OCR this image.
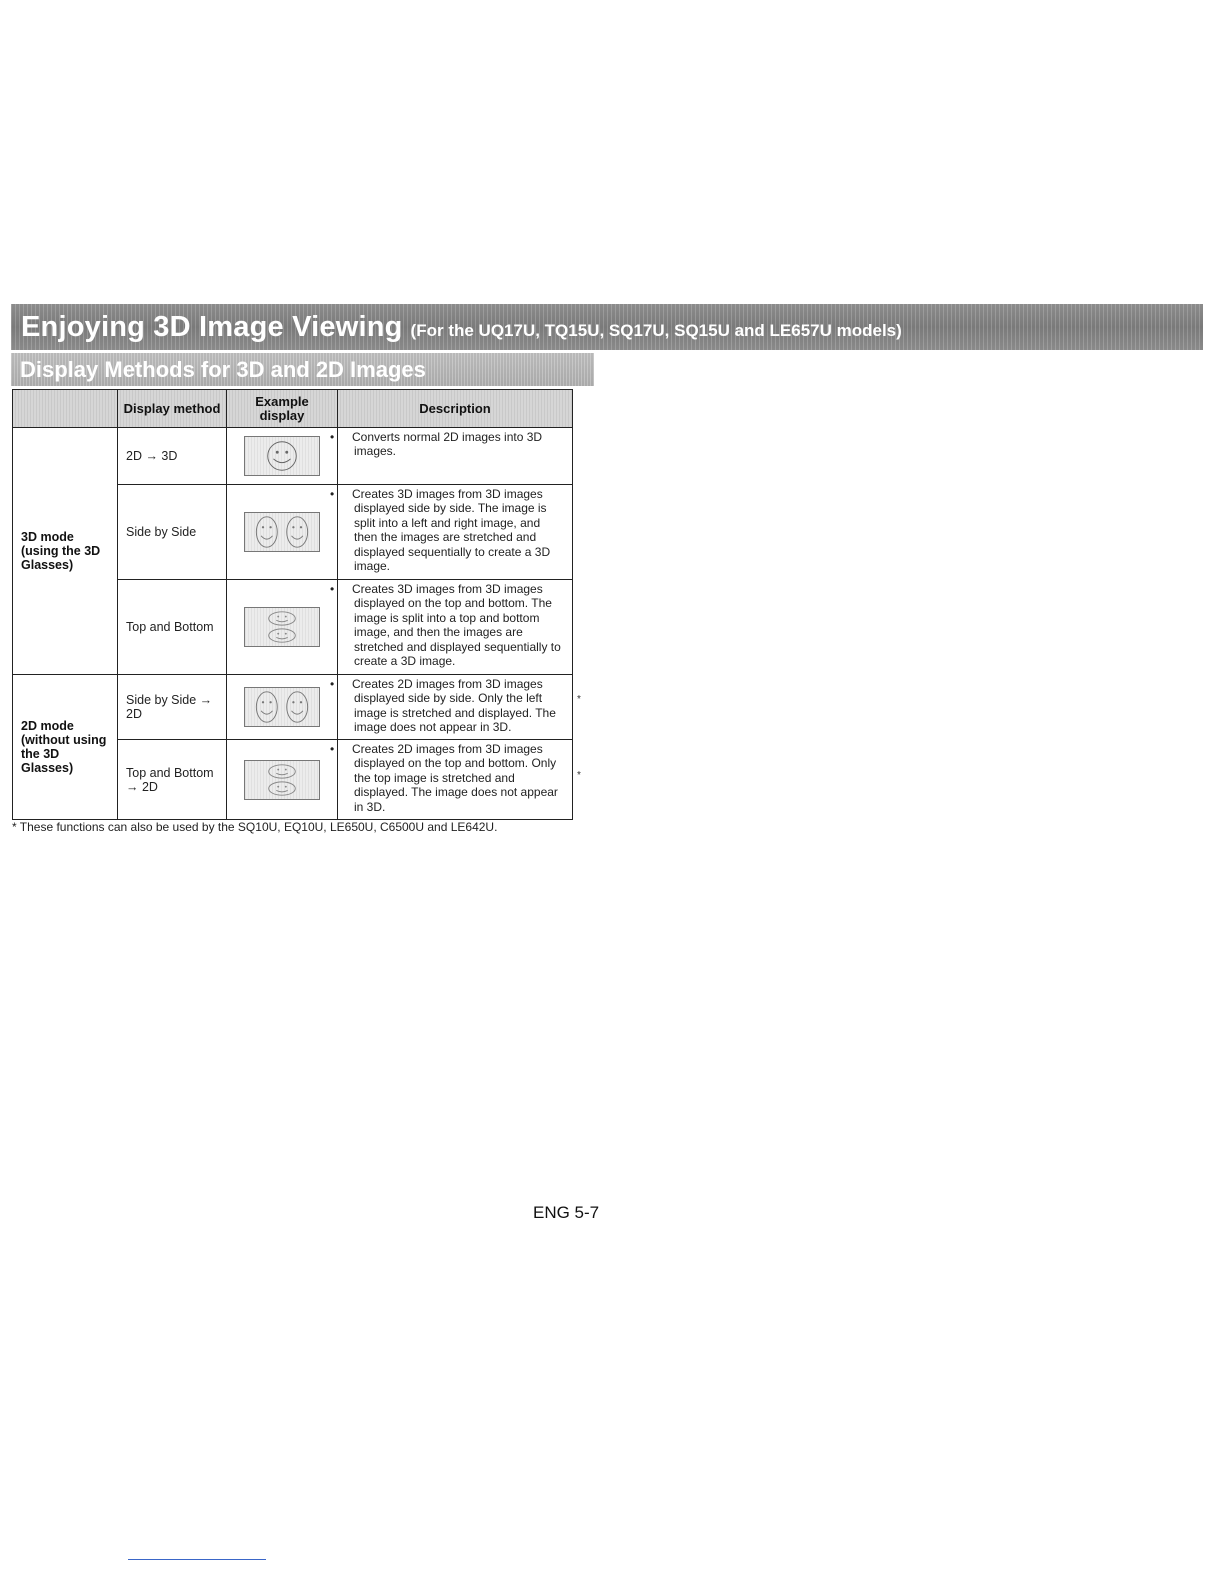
Enjoying 3D Image Viewing (For the UQ17U, TQ15U, SQ17U, SQ15U and LE657U models)
Display Methods for 3D and 2D Images
	Display method	Example display	Description
3D mode (using the 3D Glasses)	2D → 3D		• Converts normal 2D images into 3D images.

	Side by Side		• Creates 3D images from 3D images displayed side by side. The image is split into a left and right image, and then the images are stretched and displayed sequentially to create a 3D image.

	Top and Bottom		• Creates 3D images from 3D images displayed on the top and bottom. The image is split into a top and bottom image, and then the images are stretched and displayed sequentially to create a 3D image.

2D mode (without using the 3D Glasses)	Side by Side → 2D		• Creates 2D images from 3D images displayed side by side. Only the left image is stretched and displayed. The image does not appear in 3D.

	Top and Bottom → 2D		• Creates 2D images from 3D images displayed on the top and bottom. Only the top image is stretched and displayed. The image does not appear in 3D.
*
*
* These functions can also be used by the SQ10U, EQ10U, LE650U, C6500U and LE642U.
ENG 5-7
